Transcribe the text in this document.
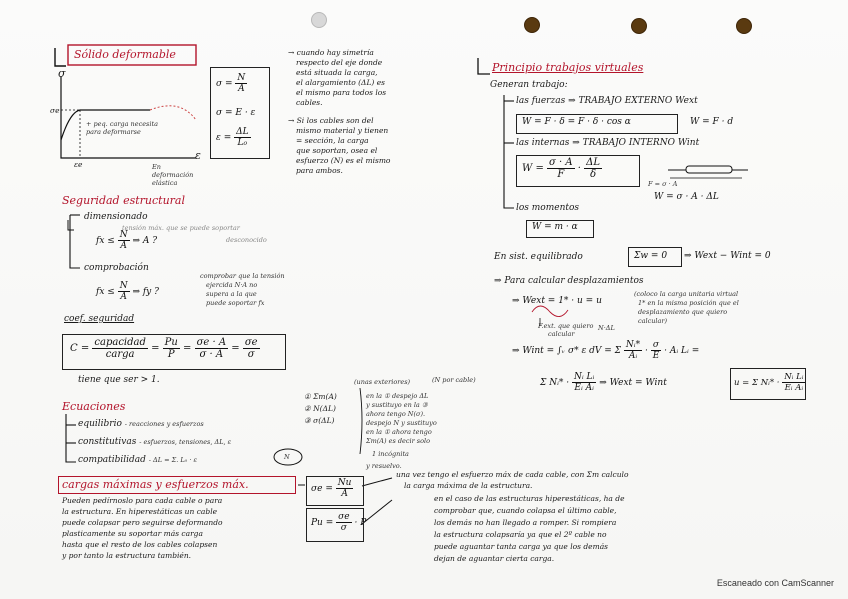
Sólido deformable
σ
σe
εe
ε
+ peq. carga necesita para deformarse
En deformación elástica
$\sigma = \frac{N}{A}$
σ = E · ε
$\varepsilon = \frac{\Delta L}{\text{L₀}}$
→ cuando hay simetría
respecto del eje donde
está situada la carga,
el alargamiento (ΔL) es
el mismo para todos los
cables.
→ Si los cables son del
mismo material y tienen
= sección, la carga
que soportan, osea el
esfuerzo (N) es el mismo
para ambos.
Seguridad estructural
dimensionado
tensión máx. que se puede soportar
desconocido
fx ≤ $\frac{N}{A}$ ⇒ A ?
comprobación
fx ≤ $\frac{N}{A}$ ⇒ fy ?
comprobar que la tensión
ejercida N·A no
supera a la que
puede soportar fx
coef. seguridad
$C = \frac{\text{capacidad}}{\text{carga}} = \frac{Pu}{P} = \frac{\sigma e \cdot A}{\sigma \cdot A} = \frac{\sigma e}{\sigma}$
tiene que ser > 1.
Ecuaciones
equilibrio - reacciones y esfuerzos
constitutivas - esfuerzos, tensiones, ΔL, ε
compatibilidad - ΔL = Σ. L₀ · ε	N
(unas exteriores)	(N por cable)
① Σm(A)
② N(ΔL)
③ σ(ΔL)
en la ① despejo ΔL
y sustituyo en la ③
ahora tengo N(σ).
despejo N y sustituyo
en la ① ahora tengo
Σm(A) es decir solo
1 incógnita
y resuelvo.
cargas máximas y esfuerzos máx.
Pueden pedírnoslo para cada cable o para
la estructura. En hiperestáticas un cable
puede colapsar pero seguirse deformando
plasticamente su soportar más carga
hasta que el resto de los cables colapsen
y por tanto la estructura también.
$\sigma e = \frac{Nu}{A}$
$Pu = \frac{\sigma e}{\sigma} \cdot P$
una vez tengo el esfuerzo máx de cada cable, con Σm calculo
la carga máxima de la estructura.
en el caso de las estructuras hiperestáticas, ha de
comprobar que, cuando colapsa el último cable,
los demás no han llegado a romper. Si rompiera
la estructura colapsaría ya que el 2º cable no
puede aguantar tanta carga ya que los demás
dejan de aguantar cierta carga.
Principio trabajos virtuales
Generan trabajo:
las fuerzas ⇒ TRABAJO EXTERNO Wext
W = F · δ = F · δ · cos α	W = F · d
las internas ⇒ TRABAJO INTERNO Wint
$W = \frac{\sigma \cdot A}{F} \cdot \frac{\Delta L}{\delta}$
F = σ · A
W = σ · A · ΔL
los momentos
W = m · α
En sist. equilibrado	Σw = 0 ⇒ Wext − Wint = 0
⇒ Para calcular desplazamientos
⇒ Wext = 1* · u = u
(coloco la carga unitaria virtual
1* en la misma posición que el
desplazamiento que quiero
calcular)
F.ext. que quiero
calcular
N·ΔL
⇒ Wint = ∫ᵥ σ* ε dV = Σ $\frac{\text{Nᵢ*}}{\text{Aᵢ}} \cdot \frac{\sigma}{E}$ · Aᵢ Lᵢ =
Σ Nᵢ* · $\frac{\text{Nᵢ Lᵢ}}{\text{Eᵢ Aᵢ}}$ ⇒ Wext = Wint	u = Σ Nᵢ* · $\frac{\text{Nᵢ Lᵢ}}{\text{Eᵢ Aᵢ}}$
Escaneado con CamScanner
